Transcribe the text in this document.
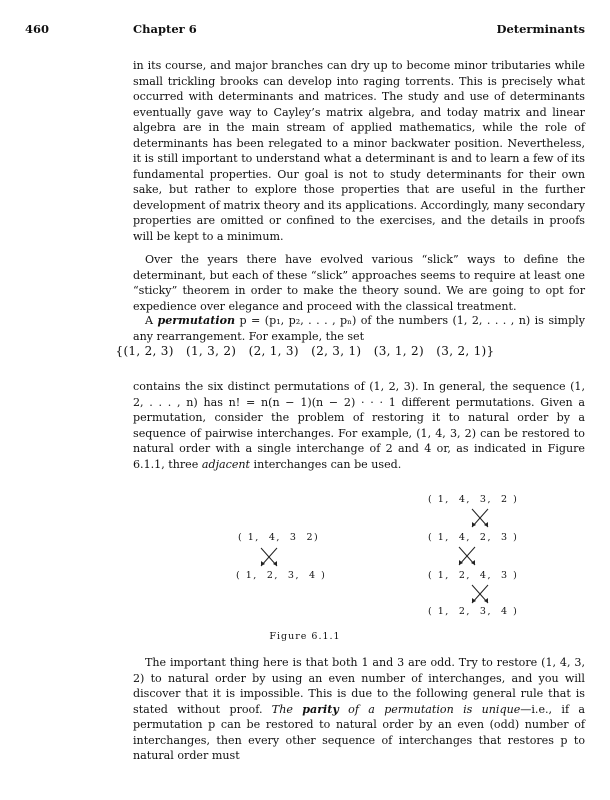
460	Chapter 6	Determinants

in its course, and major branches can dry up to become minor tributaries while small trickling brooks can develop into raging torrents. This is precisely what occurred with determinants and matrices. The study and use of determinants eventually gave way to Cayley’s matrix algebra, and today matrix and linear algebra are in the main stream of applied mathematics, while the role of determinants has been relegated to a minor backwater position. Nevertheless, it is still important to understand what a determinant is and to learn a few of its fundamental properties. Our goal is not to study determinants for their own sake, but rather to explore those properties that are useful in the further development of matrix theory and its applications. Accordingly, many secondary properties are omitted or confined to the exercises, and the details in proofs will be kept to a minimum.

Over the years there have evolved various “slick” ways to define the determinant, but each of these “slick” approaches seems to require at least one “sticky” theorem in order to make the theory sound. We are going to opt for expedience over elegance and proceed with the classical treatment.

A permutation p = (p₁, p₂, . . . , pₙ) of the numbers (1, 2, . . . , n) is simply any rearrangement. For example, the set

{(1, 2, 3)   (1, 3, 2)   (2, 1, 3)   (2, 3, 1)   (3, 1, 2)   (3, 2, 1)}

contains the six distinct permutations of (1, 2, 3). In general, the sequence (1, 2, . . . , n) has n! = n(n − 1)(n − 2) · · · 1 different permutations. Given a permutation, consider the problem of restoring it to natural order by a sequence of pairwise interchanges. For example, (1, 4, 3, 2) can be restored to natural order with a single interchange of 2 and 4 or, as indicated in Figure 6.1.1, three adjacent interchanges can be used.

( 1,  4,  3  2)
( 1,  2,  3,  4 )
( 1,  4,  3,  2 )
( 1,  4,  2,  3 )
( 1,  2,  4,  3 )
( 1,  2,  3,  4 )
Figure 6.1.1

The important thing here is that both 1 and 3 are odd. Try to restore (1, 4, 3, 2) to natural order by using an even number of interchanges, and you will discover that it is impossible. This is due to the following general rule that is stated without proof. The parity of a permutation is unique—i.e., if a permutation p can be restored to natural order by an even (odd) number of interchanges, then every other sequence of interchanges that restores p to natural order must
